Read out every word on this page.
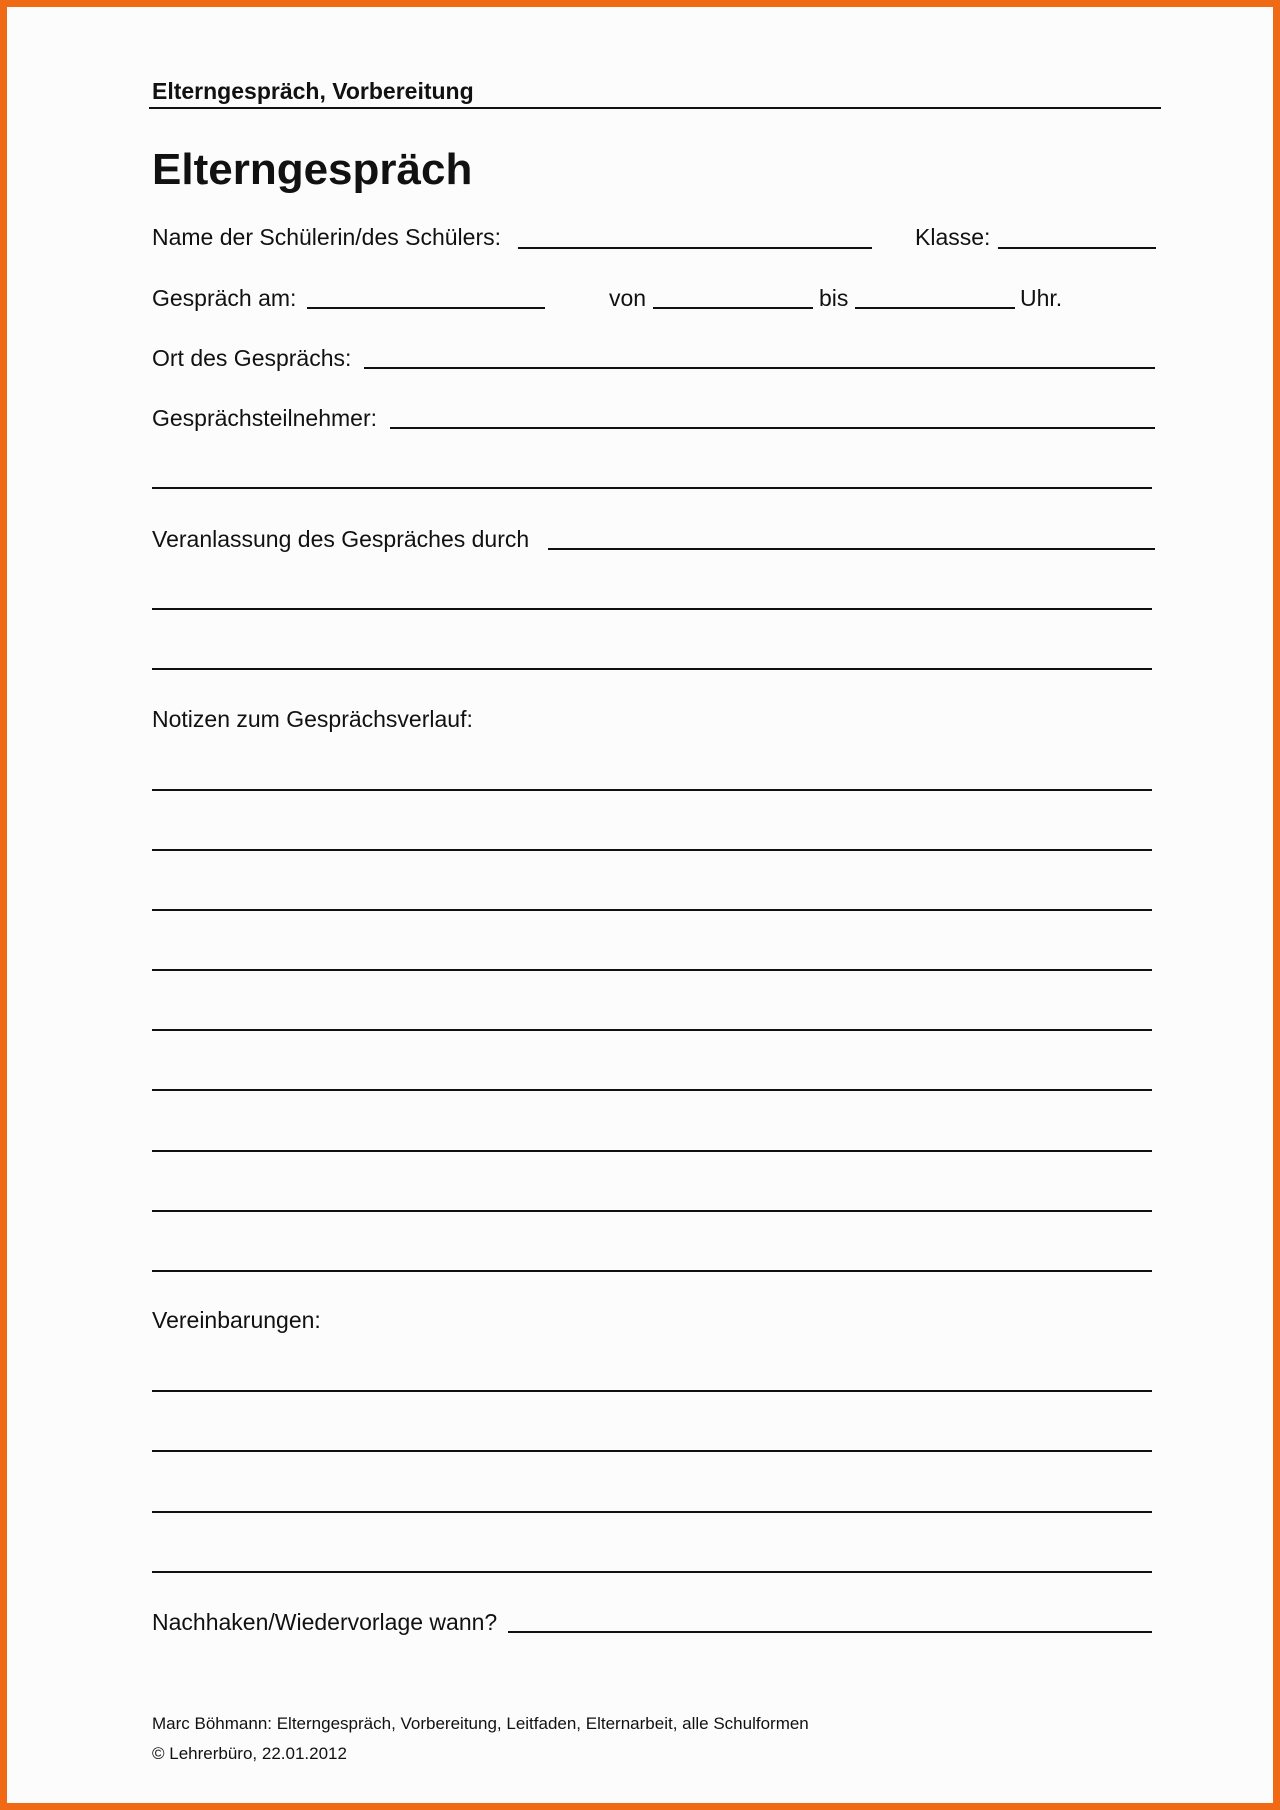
Elterngespräch, Vorbereitung
Elterngespräch
Name der Schülerin/des Schülers:	Klasse:
Gespräch am:	von	bis	Uhr.
Ort des Gesprächs:
Gesprächsteilnehmer:
Veranlassung des Gespräches durch
Notizen zum Gesprächsverlauf:
Vereinbarungen:
Nachhaken/Wiedervorlage wann?
Marc Böhmann: Elterngespräch, Vorbereitung, Leitfaden, Elternarbeit, alle Schulformen
© Lehrerbüro, 22.01.2012
